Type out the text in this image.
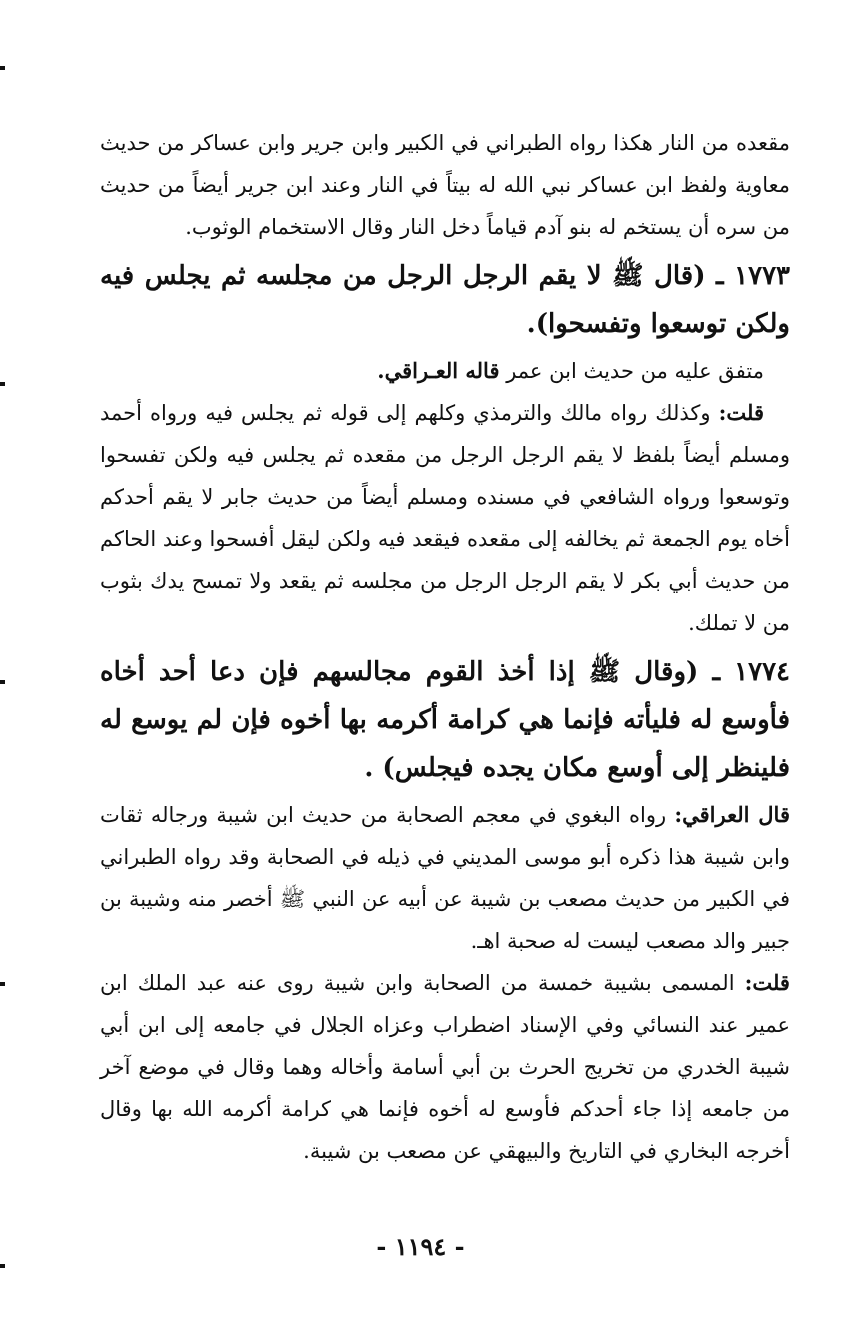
مقعده من النار هكذا رواه الطبراني في الكبير وابن جرير وابن عساكر من حديث معاوية ولفظ ابن عساكر نبي الله له بيتاً في النار وعند ابن جرير أيضاً من حديث من سره أن يستخم له بنو آدم قياماً دخل النار وقال الاستخمام الوثوب.

١٧٧٣ ـ (قال ﷺ لا يقم الرجل الرجل من مجلسه ثم يجلس فيه ولكن توسعوا وتفسحوا).

متفق عليه من حديث ابن عمر قاله العـراقي.

قلت: وكذلك رواه مالك والترمذي وكلهم إلى قوله ثم يجلس فيه ورواه أحمد ومسلم أيضاً بلفظ لا يقم الرجل الرجل من مقعده ثم يجلس فيه ولكن تفسحوا وتوسعوا ورواه الشافعي في مسنده ومسلم أيضاً من حديث جابر لا يقم أحدكم أخاه يوم الجمعة ثم يخالفه إلى مقعده فيقعد فيه ولكن ليقل أفسحوا وعند الحاكم من حديث أبي بكر لا يقم الرجل الرجل من مجلسه ثم يقعد ولا تمسح يدك بثوب من لا تملك.

١٧٧٤ ـ (وقال ﷺ إذا أخذ القوم مجالسهم فإن دعا أحد أخاه فأوسع له فليأته فإنما هي كرامة أكرمه بها أخوه فإن لم يوسع له فلينظر إلى أوسع مكان يجده فيجلس) .

قال العراقي: رواه البغوي في معجم الصحابة من حديث ابن شيبة ورجاله ثقات وابن شيبة هذا ذكره أبو موسى المديني في ذيله في الصحابة وقد رواه الطبراني في الكبير من حديث مصعب بن شيبة عن أبيه عن النبي ﷺ أخصر منه وشيبة بن جبير والد مصعب ليست له صحبة اهـ.

قلت: المسمى بشيبة خمسة من الصحابة وابن شيبة روى عنه عبد الملك ابن عمير عند النسائي وفي الإسناد اضطراب وعزاه الجلال في جامعه إلى ابن أبي شيبة الخدري من تخريج الحرث بن أبي أسامة وأخاله وهما وقال في موضع آخر من جامعه إذا جاء أحدكم فأوسع له أخوه فإنما هي كرامة أكرمه الله بها وقال أخرجه البخاري في التاريخ والبيهقي عن مصعب بن شيبة.

- ١١٩٤ -
